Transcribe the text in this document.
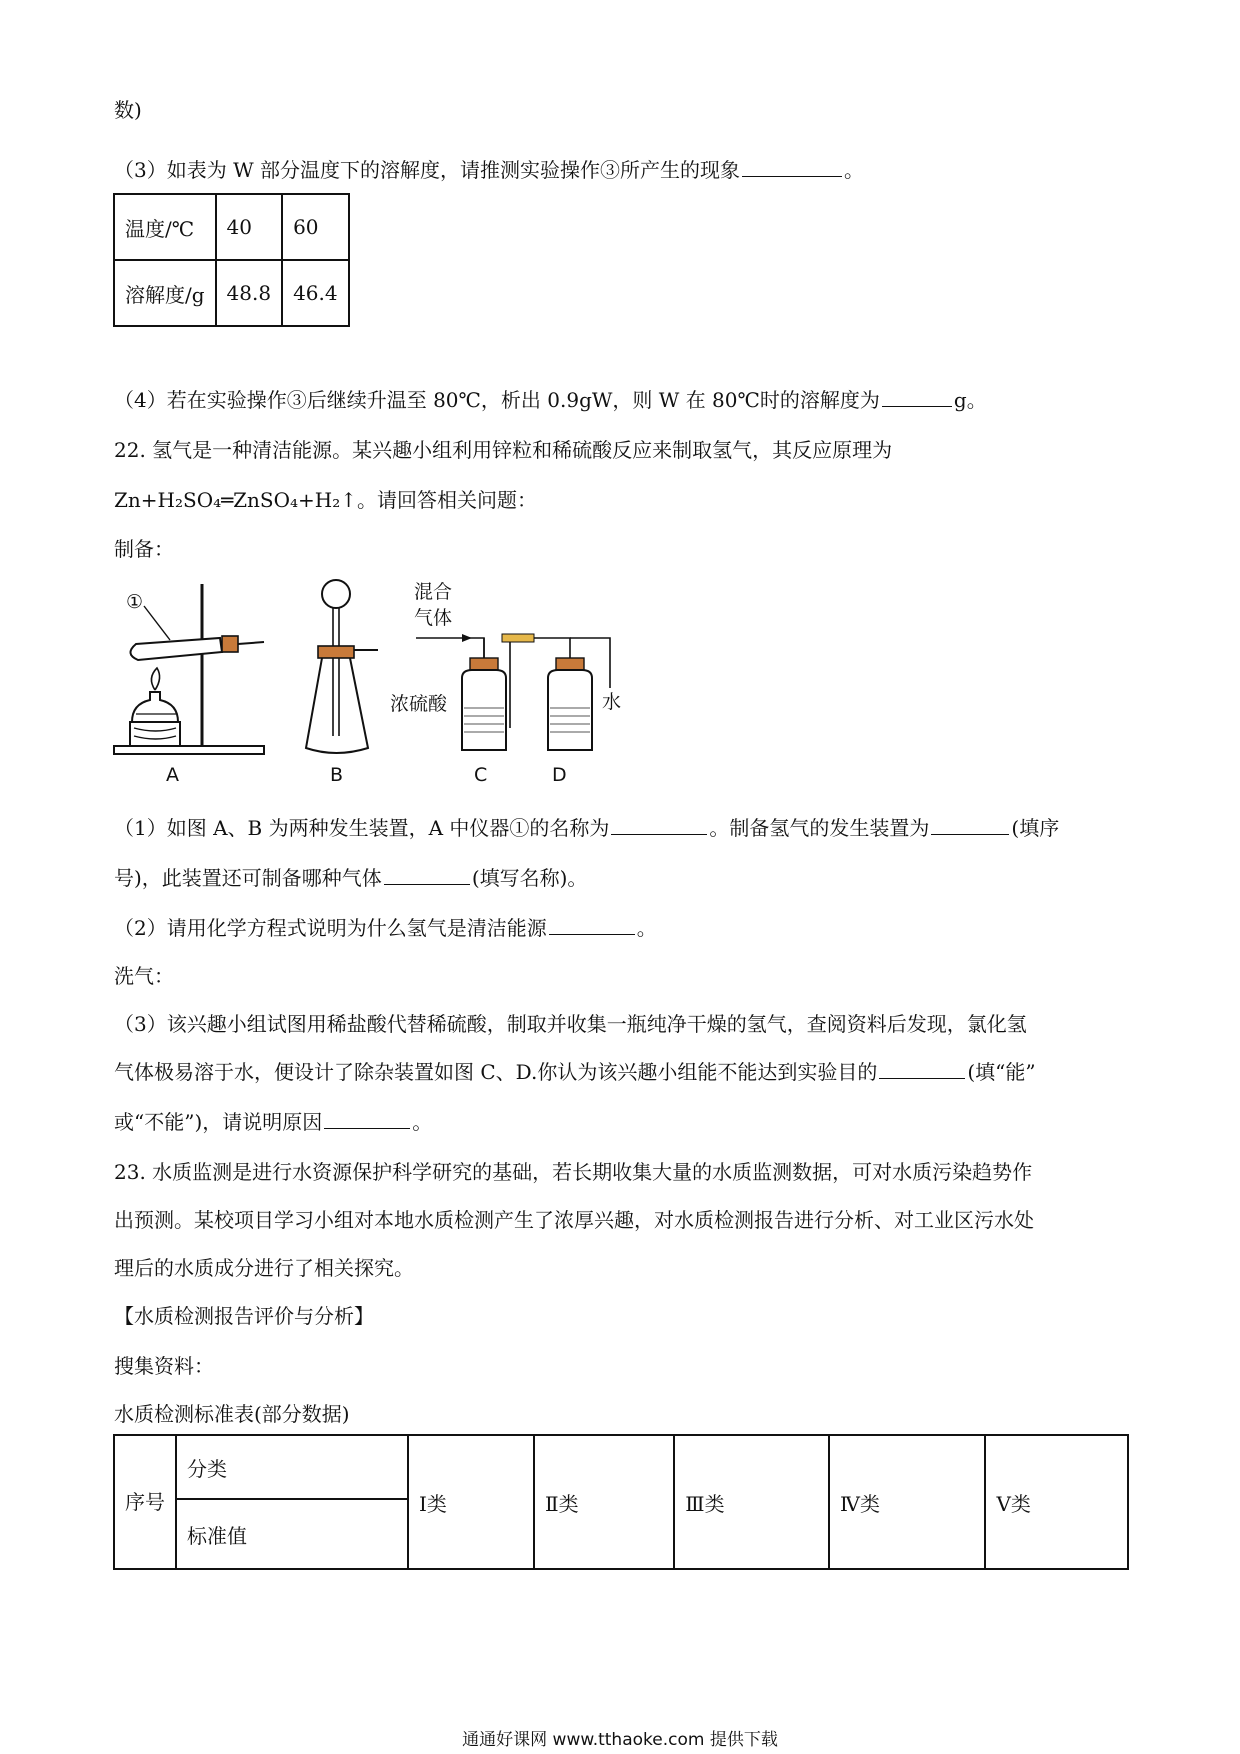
数)
（3）如表为 W 部分温度下的溶解度，请推测实验操作③所产生的现象	。
温度/℃	40	60
溶解度/g	48.8	46.4
（4）若在实验操作③后继续升温至 80℃，析出 0.9gW，则 W 在 80℃时的溶解度为	g。
22. 氢气是一种清洁能源。某兴趣小组利用锌粒和稀硫酸反应来制取氢气，其反应原理为
Zn+H₂SO₄═ZnSO₄+H₂↑。请回答相关问题：
制备：
①	混合
气体
浓硫酸	水
A	B	C	D
（1）如图 A、B 为两种发生装置，A 中仪器①的名称为	。制备氢气的发生装置为	(填序
号)，此装置还可制备哪种气体	(填写名称)。
（2）请用化学方程式说明为什么氢气是清洁能源	。
洗气：
（3）该兴趣小组试图用稀盐酸代替稀硫酸，制取并收集一瓶纯净干燥的氢气，查阅资料后发现，氯化氢
气体极易溶于水，便设计了除杂装置如图 C、D.你认为该兴趣小组能不能达到实验目的	(填“能”
或“不能”)，请说明原因	。
23. 水质监测是进行水资源保护科学研究的基础，若长期收集大量的水质监测数据，可对水质污染趋势作
出预测。某校项目学习小组对本地水质检测产生了浓厚兴趣，对水质检测报告进行分析、对工业区污水处
理后的水质成分进行了相关探究。
【水质检测报告评价与分析】
搜集资料：
水质检测标准表(部分数据)
序号	分类	Ⅰ类	Ⅱ类	Ⅲ类	Ⅳ类	Ⅴ类
标准值
通通好课网 www.tthaoke.com 提供下载
